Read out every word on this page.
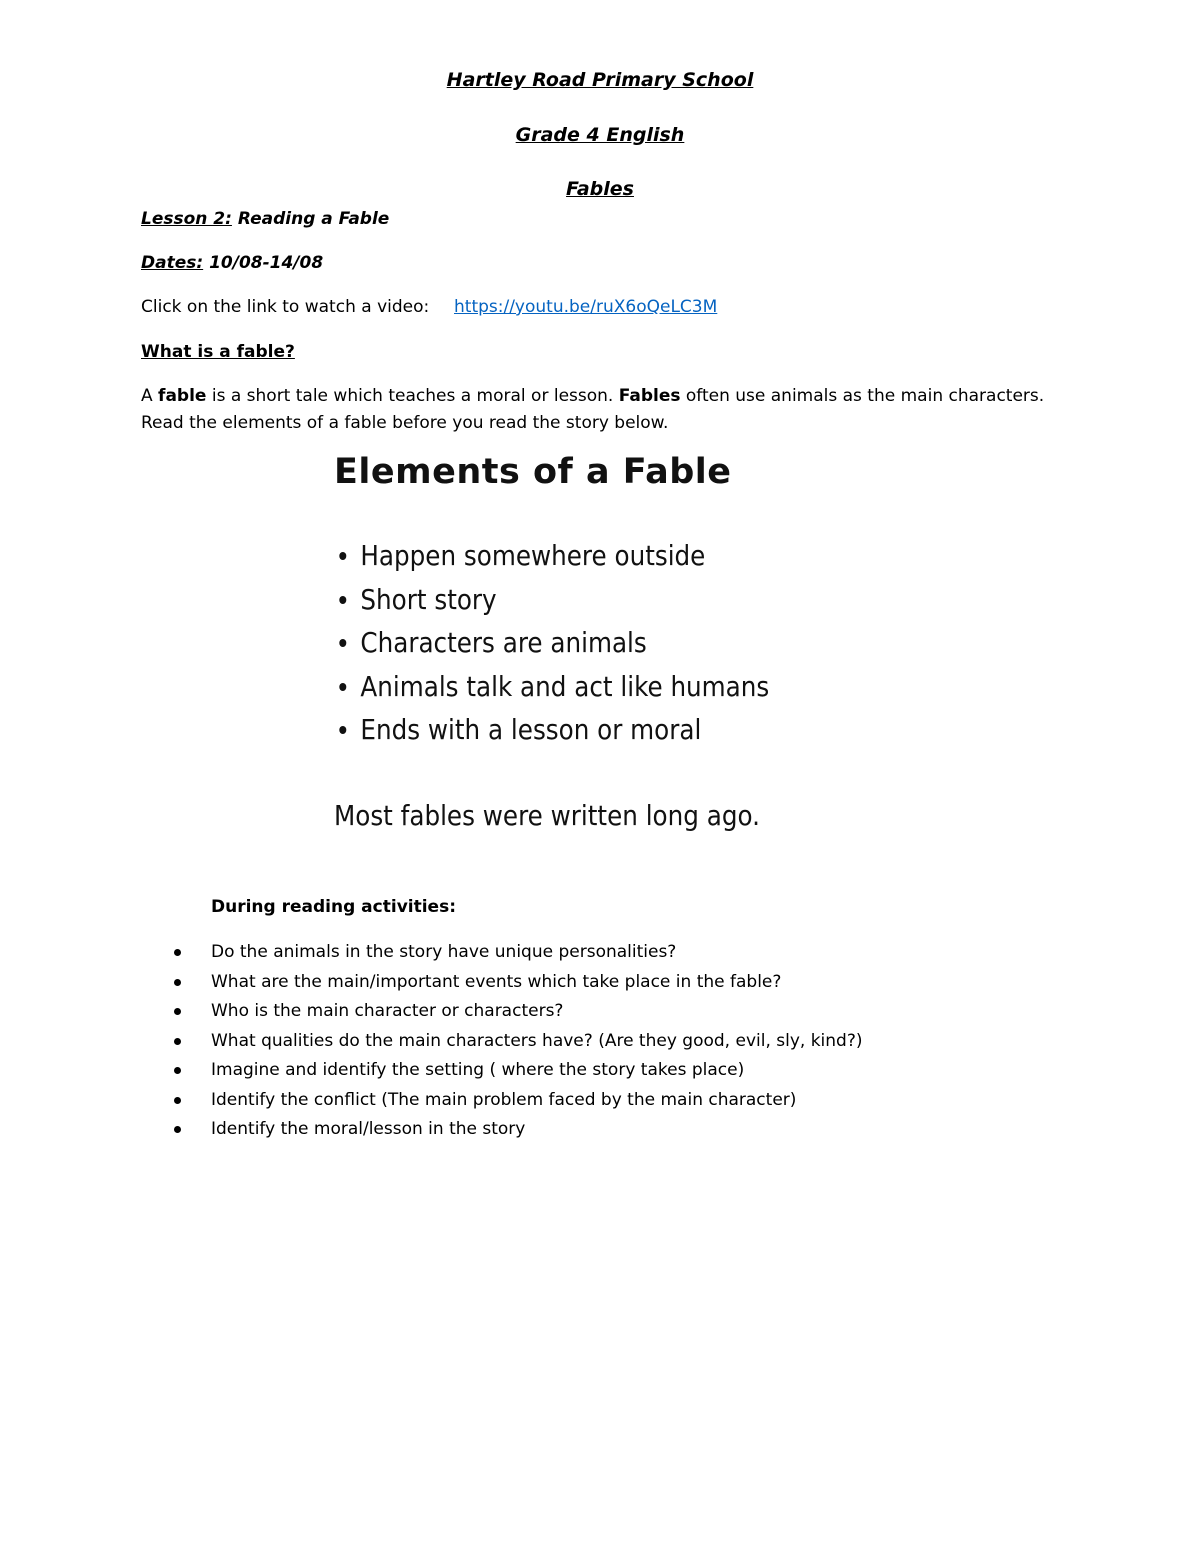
Hartley Road Primary School
Grade 4 English
Fables
Lesson 2: Reading a Fable
Dates: 10/08-14/08
Click on the link to watch a video: https://youtu.be/ruX6oQeLC3M
What is a fable?
A fable is a short tale which teaches a moral or lesson. Fables often use animals as the main characters. Read the elements of a fable before you read the story below.
Elements of a Fable
Happen somewhere outside
Short story
Characters are animals
Animals talk and act like humans
Ends with a lesson or moral
Most fables were written long ago.
During reading activities:
Do the animals in the story have unique personalities?
What are the main/important events which take place in the fable?
Who is the main character or characters?
What qualities do the main characters have? (Are they good, evil, sly, kind?)
Imagine and identify the setting ( where the story takes place)
Identify the conflict (The main problem faced by the main character)
Identify the moral/lesson in the story
